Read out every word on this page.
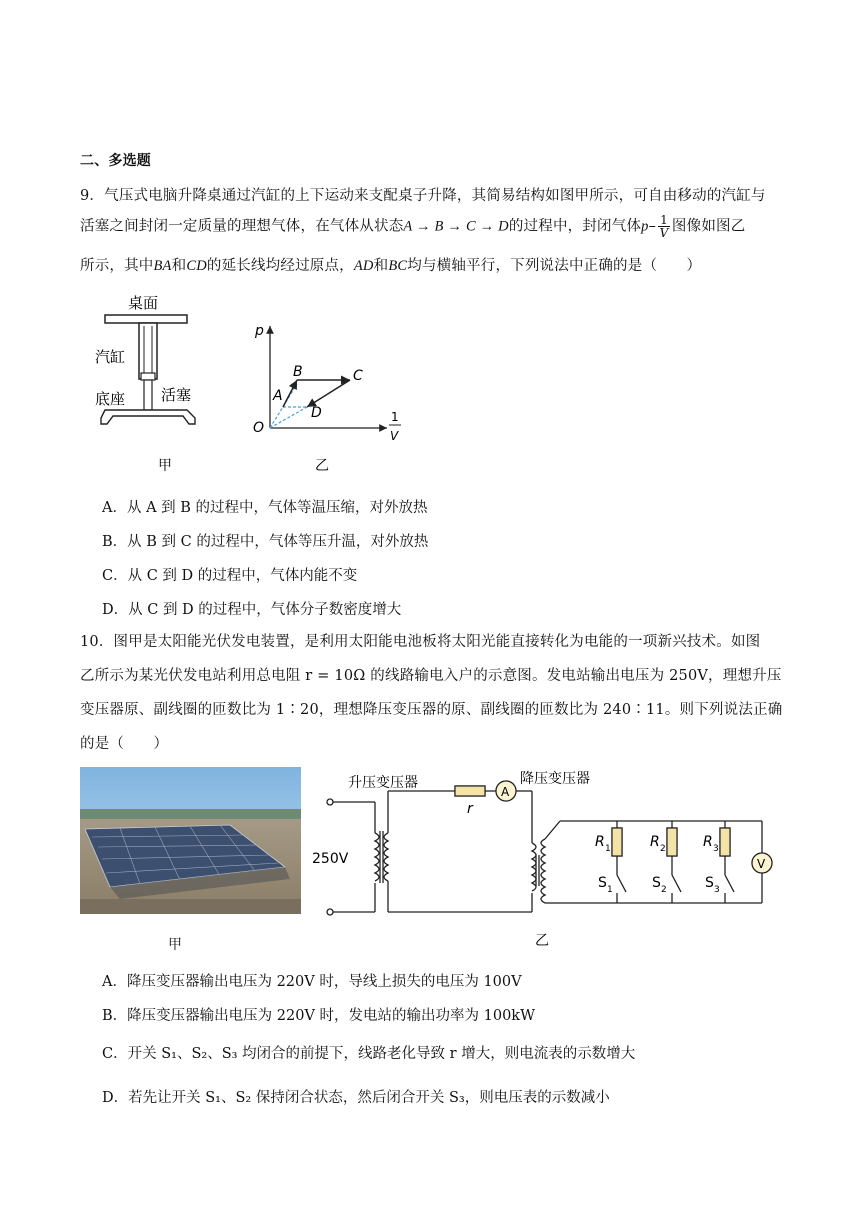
二、多选题
9．气压式电脑升降桌通过汽缸的上下运动来支配桌子升降，其简易结构如图甲所示，可自由移动的汽缸与
活塞之间封闭一定质量的理想气体，在气体从状态A → B → C → D的过程中，封闭气体$p- \frac{1}{V}$ 图像如图乙
所示，其中BA和CD的延长线均经过原点，AD和BC均与横轴平行，下列说法中正确的是（　　）
桌面
汽缸
底座 活塞
甲
p
1
V
O
A
B	C
D
乙
A．从 A 到 B 的过程中，气体等温压缩，对外放热
B．从 B 到 C 的过程中，气体等压升温，对外放热
C．从 C 到 D 的过程中，气体内能不变
D．从 C 到 D 的过程中，气体分子数密度增大
10．图甲是太阳能光伏发电装置，是利用太阳能电池板将太阳光能直接转化为电能的一项新兴技术。如图
乙所示为某光伏发电站利用总电阻 r = 10Ω 的线路输电入户的示意图。发电站输出电压为 250V，理想升压
变压器原、副线圈的匝数比为 1∶20，理想降压变压器的原、副线圈的匝数比为 240∶11。则下列说法正确
的是（　　）
甲
升压变压器	降压变压器
250V
r
A
V
R 1	R 2	R 3
S 1	S 2	S 3
乙
A．降压变压器输出电压为 220V 时，导线上损失的电压为 100V
B．降压变压器输出电压为 220V 时，发电站的输出功率为 100kW
C．开关 S₁、S₂、S₃ 均闭合的前提下，线路老化导致 r 增大，则电流表的示数增大
D．若先让开关 S₁、S₂ 保持闭合状态，然后闭合开关 S₃，则电压表的示数减小
